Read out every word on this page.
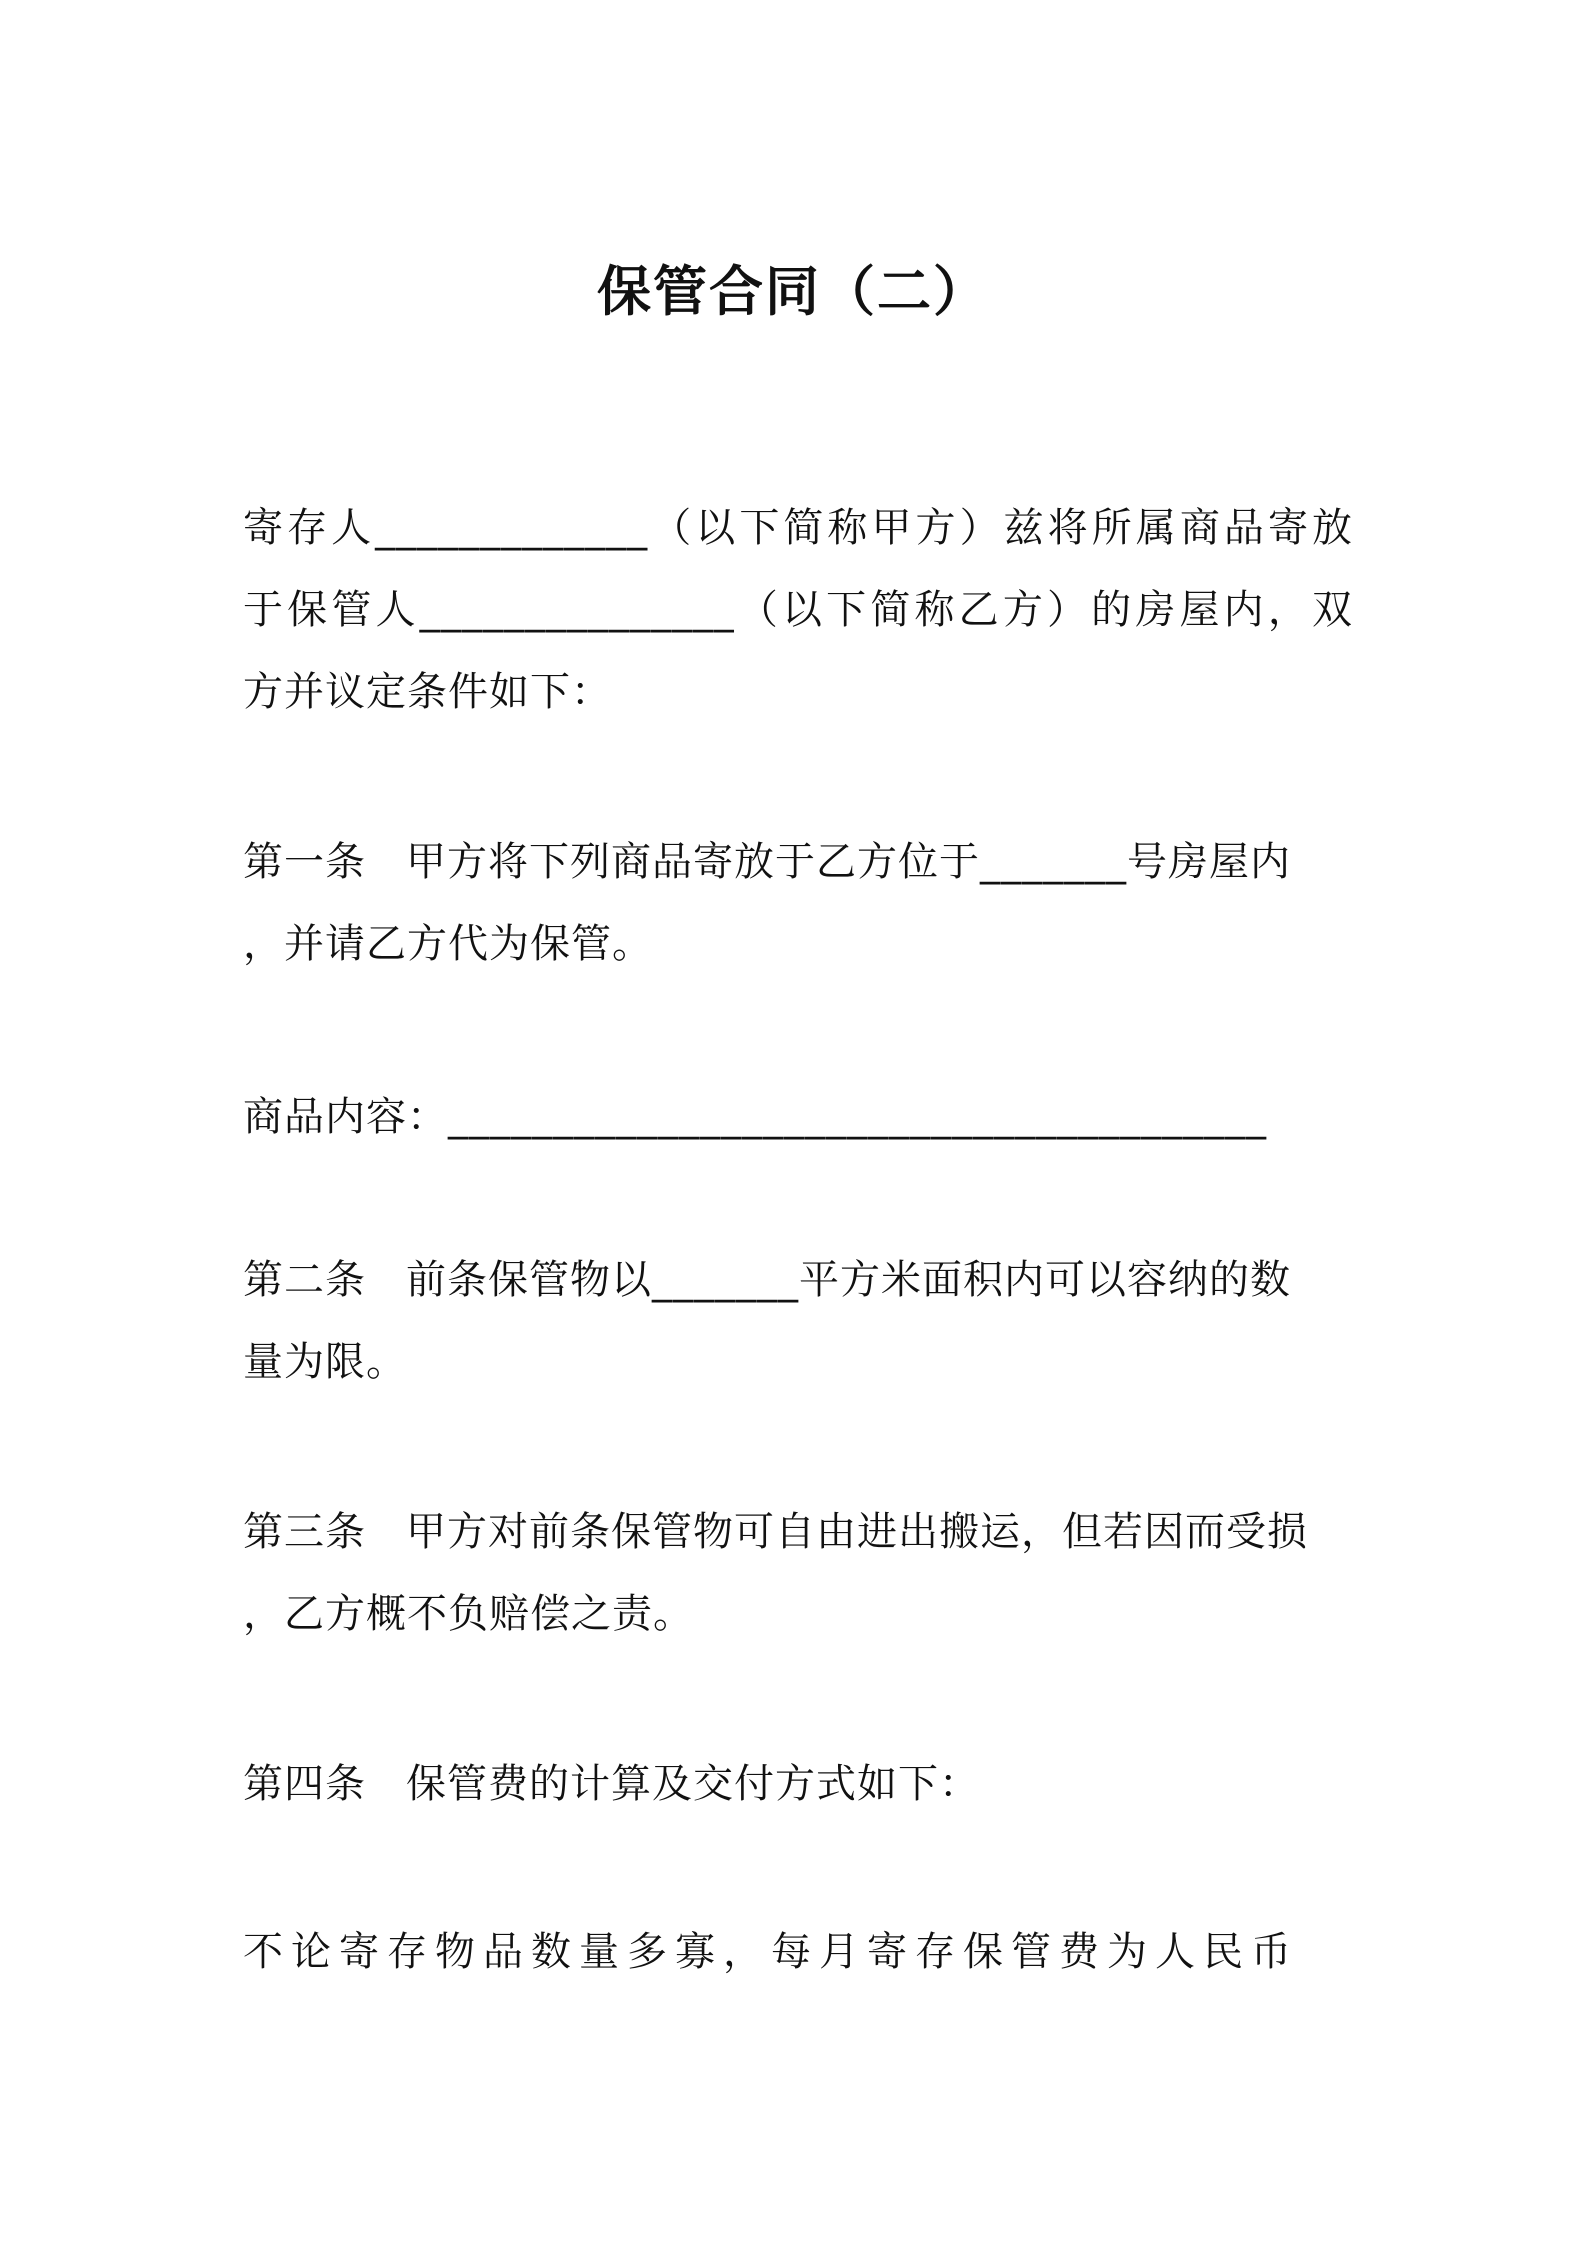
保管合同（二）
寄存人_____________（以下简称甲方）兹将所属商品寄放
于保管人_______________（以下简称乙方）的房屋内，双
方并议定条件如下：
第一条 甲方将下列商品寄放于乙方位于_______号房屋内
，并请乙方代为保管。
商品内容：_______________________________________
第二条 前条保管物以_______平方米面积内可以容纳的数
量为限。
第三条 甲方对前条保管物可自由进出搬运，但若因而受损
，乙方概不负赔偿之责。
第四条 保管费的计算及交付方式如下：
不论寄存物品数量多寡，每月寄存保管费为人民币
